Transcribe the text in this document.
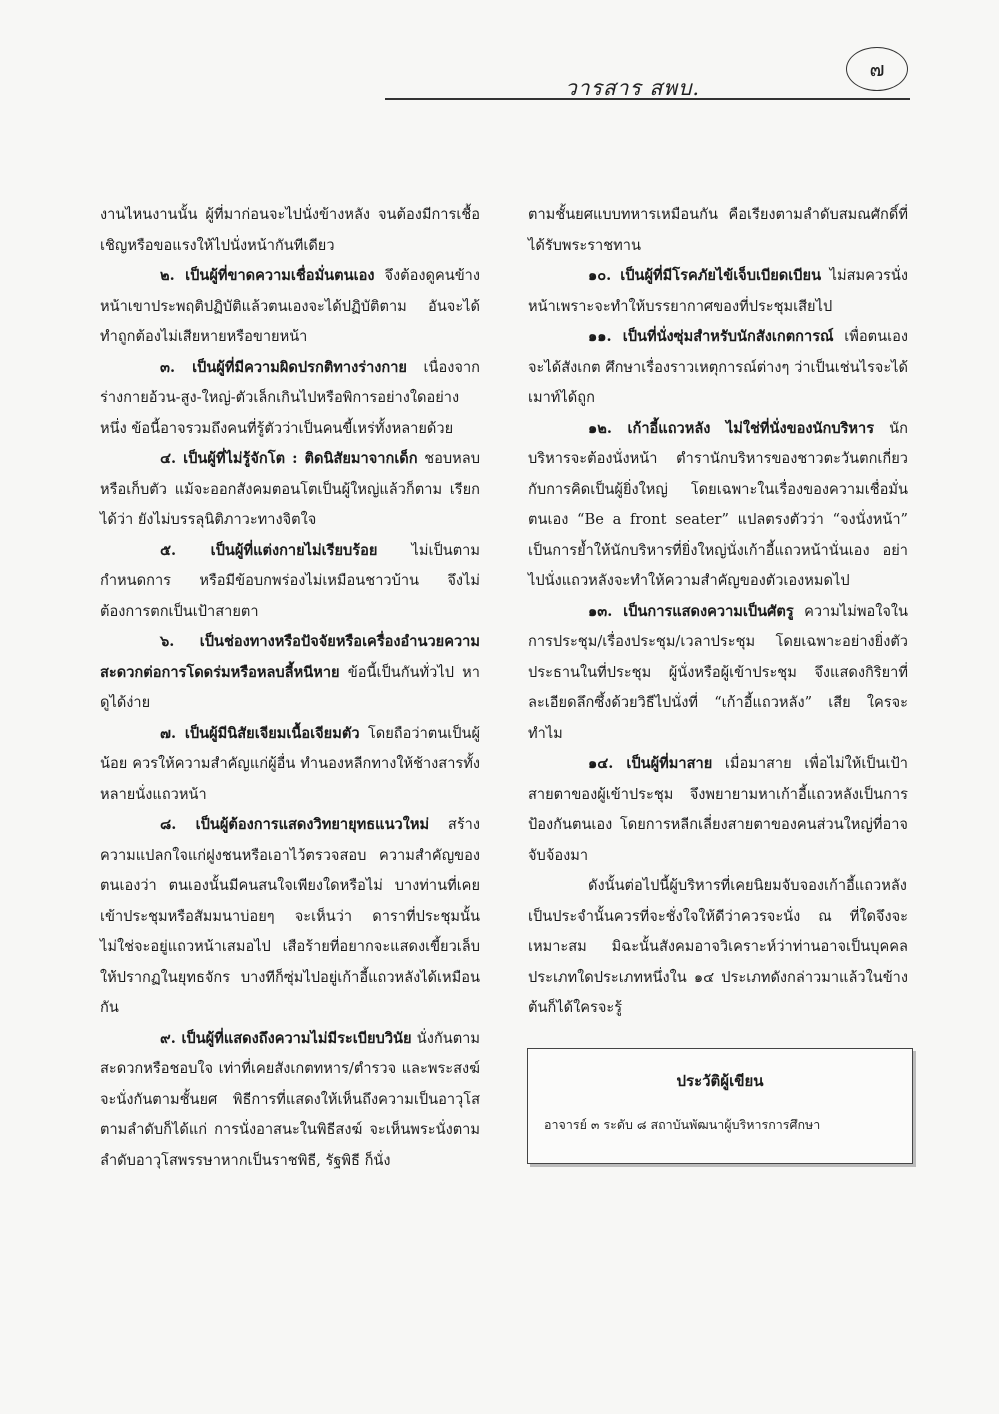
๗
วารสาร สพบ.

งานไหนงานนั้น ผู้ที่มาก่อนจะไปนั่งข้างหลัง จนต้องมีการเชื้อเชิญหรือขอแรงให้ไปนั่งหน้ากันทีเดียว

๒. เป็นผู้ที่ขาดความเชื่อมั่นตนเอง จึงต้องดูคนข้างหน้าเขาประพฤติปฏิบัติแล้วตนเองจะได้ปฏิบัติตาม อันจะได้ทำถูกต้องไม่เสียหายหรือขายหน้า

๓. เป็นผู้ที่มีความผิดปรกติทางร่างกาย เนื่องจากร่างกายอ้วน-สูง-ใหญ่-ตัวเล็กเกินไปหรือพิการอย่างใดอย่างหนึ่ง ข้อนี้อาจรวมถึงคนที่รู้ตัวว่าเป็นคนขี้เหร่ทั้งหลายด้วย

๔. เป็นผู้ที่ไม่รู้จักโต : ติดนิสัยมาจากเด็ก ชอบหลบหรือเก็บตัว แม้จะออกสังคมตอนโตเป็นผู้ใหญ่แล้วก็ตาม เรียกได้ว่า ยังไม่บรรลุนิติภาวะทางจิตใจ

๕. เป็นผู้ที่แต่งกายไม่เรียบร้อย ไม่เป็นตามกำหนดการ หรือมีข้อบกพร่องไม่เหมือนชาวบ้าน จึงไม่ต้องการตกเป็นเป้าสายตา

๖. เป็นช่องทางหรือปัจจัยหรือเครื่องอำนวยความสะดวกต่อการโดดร่มหรือหลบลี้หนีหาย ข้อนี้เป็นกันทั่วไป หาดูได้ง่าย

๗. เป็นผู้มีนิสัยเจียมเนื้อเจียมตัว โดยถือว่าตนเป็นผู้น้อย ควรให้ความสำคัญแก่ผู้อื่น ทำนองหลีกทางให้ช้างสารทั้งหลายนั่งแถวหน้า

๘. เป็นผู้ต้องการแสดงวิทยายุทธแนวใหม่ สร้างความแปลกใจแก่ฝูงชนหรือเอาไว้ตรวจสอบ ความสำคัญของตนเองว่า ตนเองนั้นมีคนสนใจเพียงใดหรือไม่ บางท่านที่เคยเข้าประชุมหรือสัมมนาบ่อยๆ จะเห็นว่า ดาราที่ประชุมนั้น ไม่ใช่จะอยู่แถวหน้าเสมอไป เสือร้ายที่อยากจะแสดงเขี้ยวเล็บให้ปรากฏในยุทธจักร บางทีก็ซุ่มไปอยู่เก้าอี้แถวหลังได้เหมือนกัน

๙. เป็นผู้ที่แสดงถึงความไม่มีระเบียบวินัย นั่งกันตามสะดวกหรือชอบใจ เท่าที่เคยสังเกตทหาร/ตำรวจ และพระสงฆ์จะนั่งกันตามชั้นยศ พิธีการที่แสดงให้เห็นถึงความเป็นอาวุโสตามลำดับก็ได้แก่ การนั่งอาสนะในพิธีสงฆ์ จะเห็นพระนั่งตามลำดับอาวุโสพรรษาหากเป็นราชพิธี, รัฐพิธี ก็นั่ง

ตามชั้นยศแบบทหารเหมือนกัน คือเรียงตามลำดับสมณศักดิ์ที่ได้รับพระราชทาน

๑๐. เป็นผู้ที่มีโรคภัยไข้เจ็บเบียดเบียน ไม่สมควรนั่งหน้าเพราะจะทำให้บรรยากาศของที่ประชุมเสียไป

๑๑. เป็นที่นั่งซุ่มสำหรับนักสังเกตการณ์ เพื่อตนเองจะได้สังเกต ศึกษาเรื่องราวเหตุการณ์ต่างๆ ว่าเป็นเช่นไรจะได้เมาท์ได้ถูก

๑๒. เก้าอี้แถวหลัง ไม่ใช่ที่นั่งของนักบริหาร นักบริหารจะต้องนั่งหน้า ตำรานักบริหารของชาวตะวันตกเกี่ยวกับการคิดเป็นผู้ยิ่งใหญ่ โดยเฉพาะในเรื่องของความเชื่อมั่นตนเอง “Be a front seater” แปลตรงตัวว่า “จงนั่งหน้า” เป็นการย้ำให้นักบริหารที่ยิ่งใหญ่นั่งเก้าอี้แถวหน้านั่นเอง อย่าไปนั่งแถวหลังจะทำให้ความสำคัญของตัวเองหมดไป

๑๓. เป็นการแสดงความเป็นศัตรู ความไม่พอใจในการประชุม/เรื่องประชุม/เวลาประชุม โดยเฉพาะอย่างยิ่งตัวประธานในที่ประชุม ผู้นั่งหรือผู้เข้าประชุม จึงแสดงกิริยาที่ละเอียดลึกซึ้งด้วยวิธีไปนั่งที่ “เก้าอี้แถวหลัง” เสีย ใครจะทำไม

๑๔. เป็นผู้ที่มาสาย เมื่อมาสาย เพื่อไม่ให้เป็นเป้าสายตาของผู้เข้าประชุม จึงพยายามหาเก้าอี้แถวหลังเป็นการป้องกันตนเอง โดยการหลีกเลี่ยงสายตาของคนส่วนใหญ่ที่อาจจับจ้องมา

ดังนั้นต่อไปนี้ผู้บริหารที่เคยนิยมจับจองเก้าอี้แถวหลังเป็นประจำนั้นควรที่จะชั่งใจให้ดีว่าควรจะนั่ง ณ ที่ใดจึงจะเหมาะสม มิฉะนั้นสังคมอาจวิเคราะห์ว่าท่านอาจเป็นบุคคลประเภทใดประเภทหนึ่งใน ๑๔ ประเภทดังกล่าวมาแล้วในข้างต้นก็ได้ใครจะรู้

ประวัติผู้เขียน
อาจารย์ ๓ ระดับ ๘ สถาบันพัฒนาผู้บริหารการศึกษา
